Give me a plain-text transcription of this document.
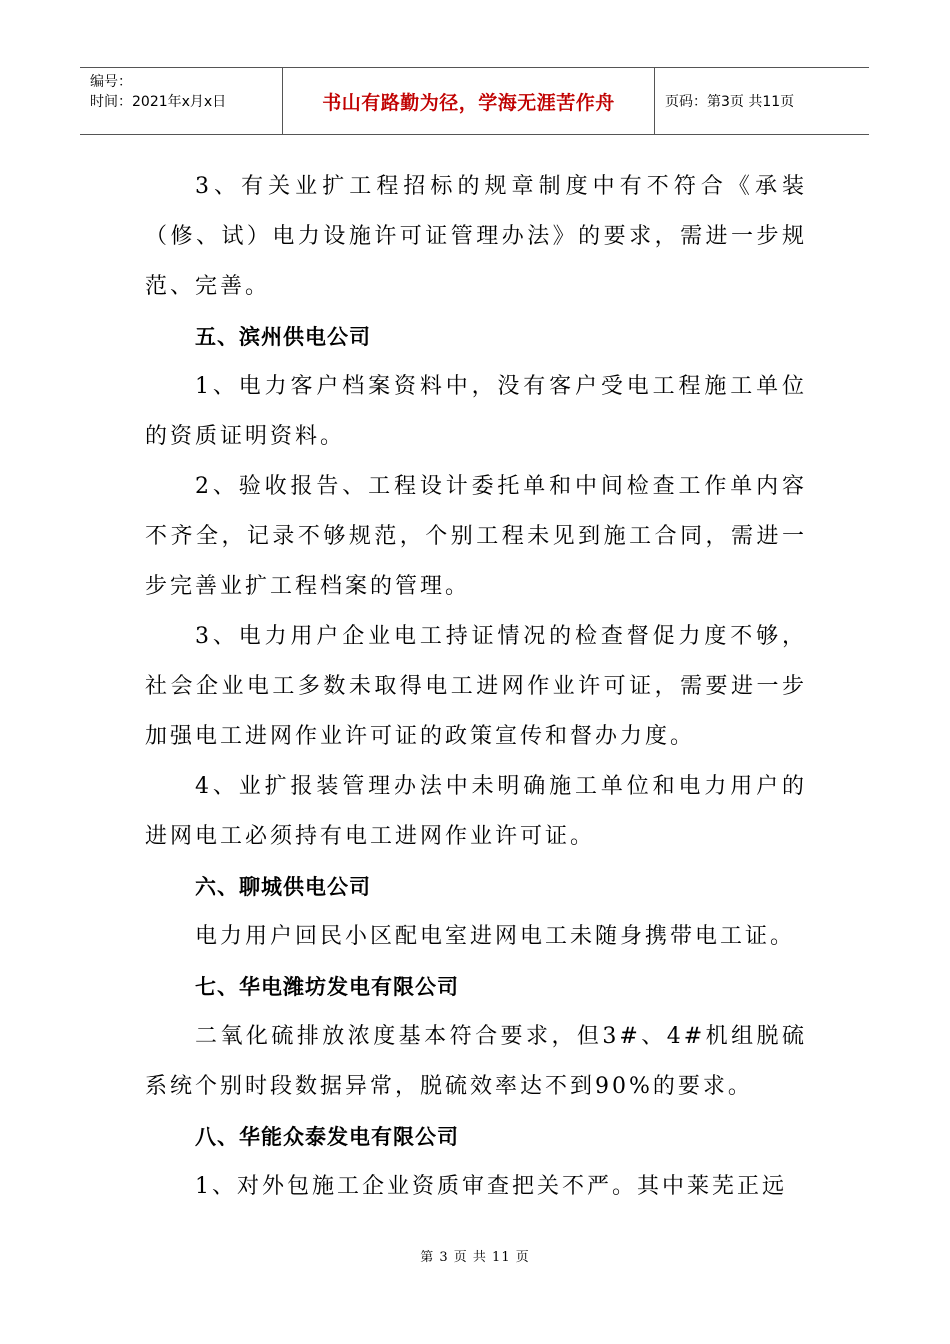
编号：
时间：2021年x月x日	书山有路勤为径，学海无涯苦作舟	页码：第3页 共11页

3、有关业扩工程招标的规章制度中有不符合《承装（修、试）电力设施许可证管理办法》的要求，需进一步规范、完善。

五、滨州供电公司

1、电力客户档案资料中，没有客户受电工程施工单位的资质证明资料。

2、验收报告、工程设计委托单和中间检查工作单内容不齐全，记录不够规范，个别工程未见到施工合同，需进一步完善业扩工程档案的管理。

3、电力用户企业电工持证情况的检查督促力度不够，社会企业电工多数未取得电工进网作业许可证，需要进一步加强电工进网作业许可证的政策宣传和督办力度。

4、业扩报装管理办法中未明确施工单位和电力用户的进网电工必须持有电工进网作业许可证。

六、聊城供电公司

电力用户回民小区配电室进网电工未随身携带电工证。

七、华电潍坊发电有限公司

二氧化硫排放浓度基本符合要求，但3#、4#机组脱硫系统个别时段数据异常，脱硫效率达不到90%的要求。

八、华能众泰发电有限公司

1、对外包施工企业资质审查把关不严。其中莱芜正远

第 3 页 共 11 页
